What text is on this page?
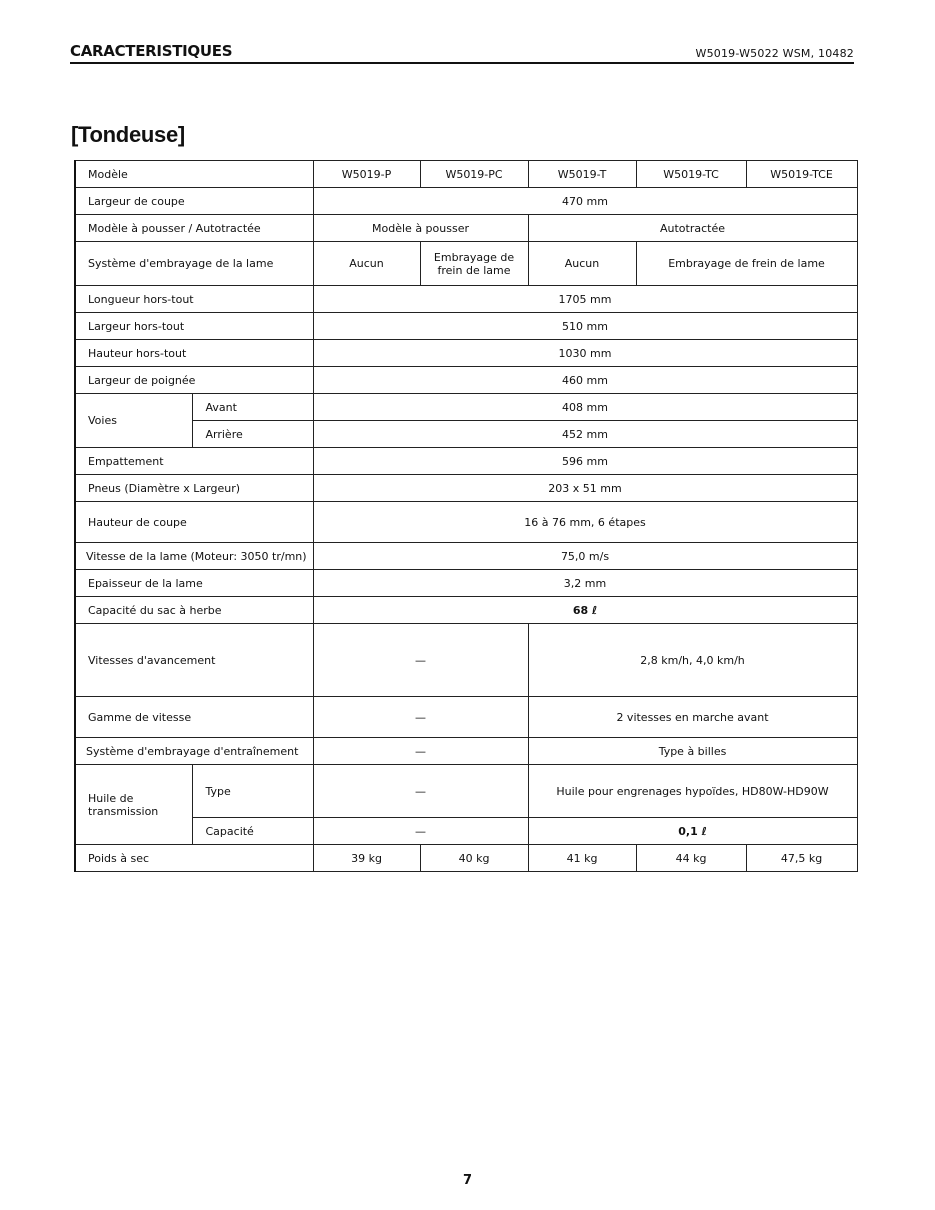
CARACTERISTIQUES	W5019-W5022 WSM, 10482
[Tondeuse]
Modèle		W5019-P	W5019-PC	W5019-T	W5019-TC	W5019-TCE
Largeur de coupe		470 mm				
Modèle à pousser / Autotractée		Modèle à pousser		Autotractée		
Système d'embrayage de la lame		Aucun	Embrayage de frein de lame	Aucun	Embrayage de frein de lame	
Longueur hors-tout		1705 mm				
Largeur hors-tout		510 mm				
Hauteur hors-tout		1030 mm				
Largeur de poignée		460 mm				
Voies	Avant	408 mm				
	Arrière	452 mm				
Empattement		596 mm				
Pneus (Diamètre x Largeur)		203 x 51 mm				
Hauteur de coupe		16 à 76 mm, 6 étapes				
Vitesse de la lame (Moteur: 3050 tr/mn)		75,0 m/s				
Epaisseur de la lame		3,2 mm				
Capacité du sac à herbe		68 ℓ				
Vitesses d'avancement		—		2,8 km/h, 4,0 km/h		
Gamme de vitesse		—		2 vitesses en marche avant		
Système d'embrayage d'entraînement		—		Type à billes		
Huile de transmission	Type	—		Huile pour engrenages hypoïdes, HD80W-HD90W		
	Capacité	—		0,1 ℓ		
Poids à sec		39 kg	40 kg	41 kg	44 kg	47,5 kg
7
